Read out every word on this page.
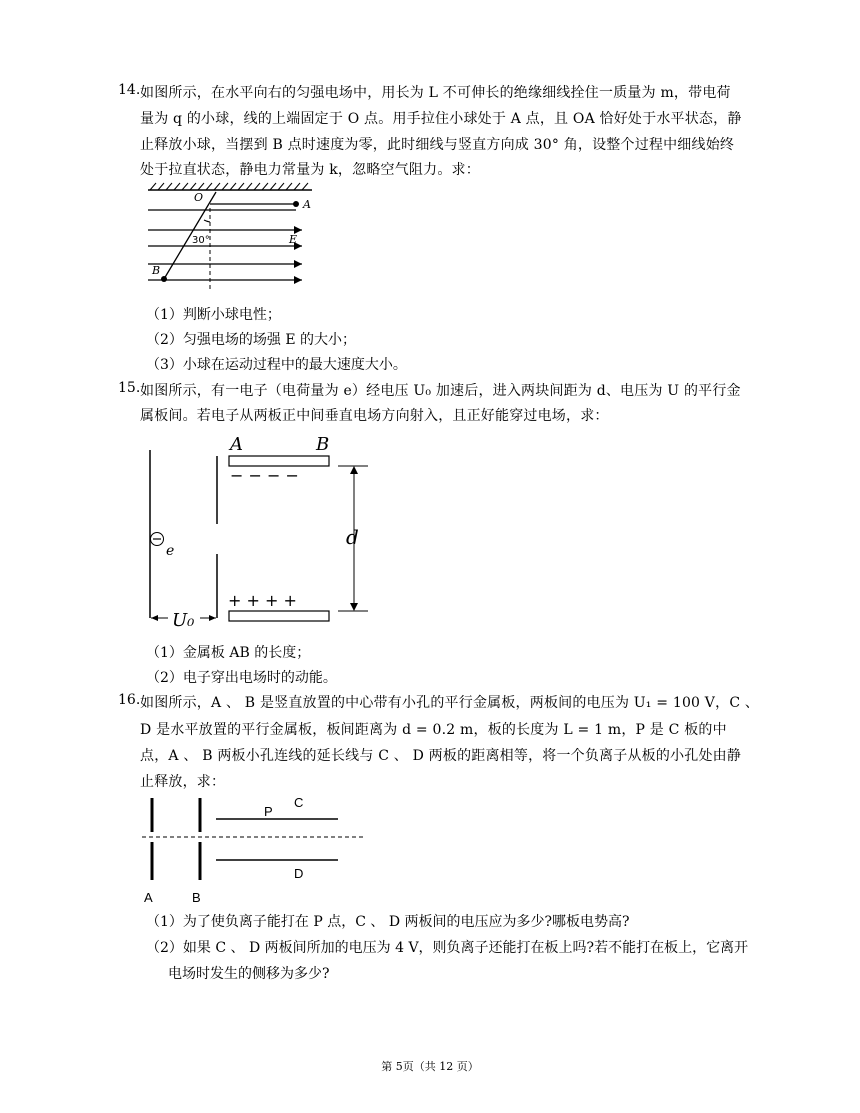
14. 如图所示，在水平向右的匀强电场中，用长为 L 不可伸长的绝缘细线拴住一质量为 m，带电荷
量为 q 的小球，线的上端固定于 O 点。用手拉住小球处于 A 点，且 OA 恰好处于水平状态，静
止释放小球，当摆到 B 点时速度为零，此时细线与竖直方向成 30° 角，设整个过程中细线始终
处于拉直状态，静电力常量为 k，忽略空气阻力。求：
O
A
B
E
30°
（1）判断小球电性；
（2）匀强电场的场强 E 的大小；
（3）小球在运动过程中的最大速度大小。
15. 如图所示，有一电子（电荷量为 e）经电压 U₀ 加速后，进入两块间距为 d、电压为 U 的平行金
属板间。若电子从两板正中间垂直电场方向射入，且正好能穿过电场，求：
e
A	B
− − − −
+ + + +
d
U₀
（1）金属板 AB 的长度；
（2）电子穿出电场时的动能。
16. 如图所示，A 、 B 是竖直放置的中心带有小孔的平行金属板，两板间的电压为 U₁ = 100 V，C 、
D 是水平放置的平行金属板，板间距离为 d = 0.2 m，板的长度为 L = 1 m，P 是 C 板的中
点，A 、 B 两板小孔连线的延长线与 C 、 D 两板的距离相等，将一个负离子从板的小孔处由静
止释放，求：
P
C
D
A	B
（1）为了使负离子能打在 P 点，C 、 D 两板间的电压应为多少?哪板电势高?
（2）如果 C 、 D 两板间所加的电压为 4 V，则负离子还能打在板上吗?若不能打在板上，它离开
电场时发生的侧移为多少?
第 5页（共 12 页）
